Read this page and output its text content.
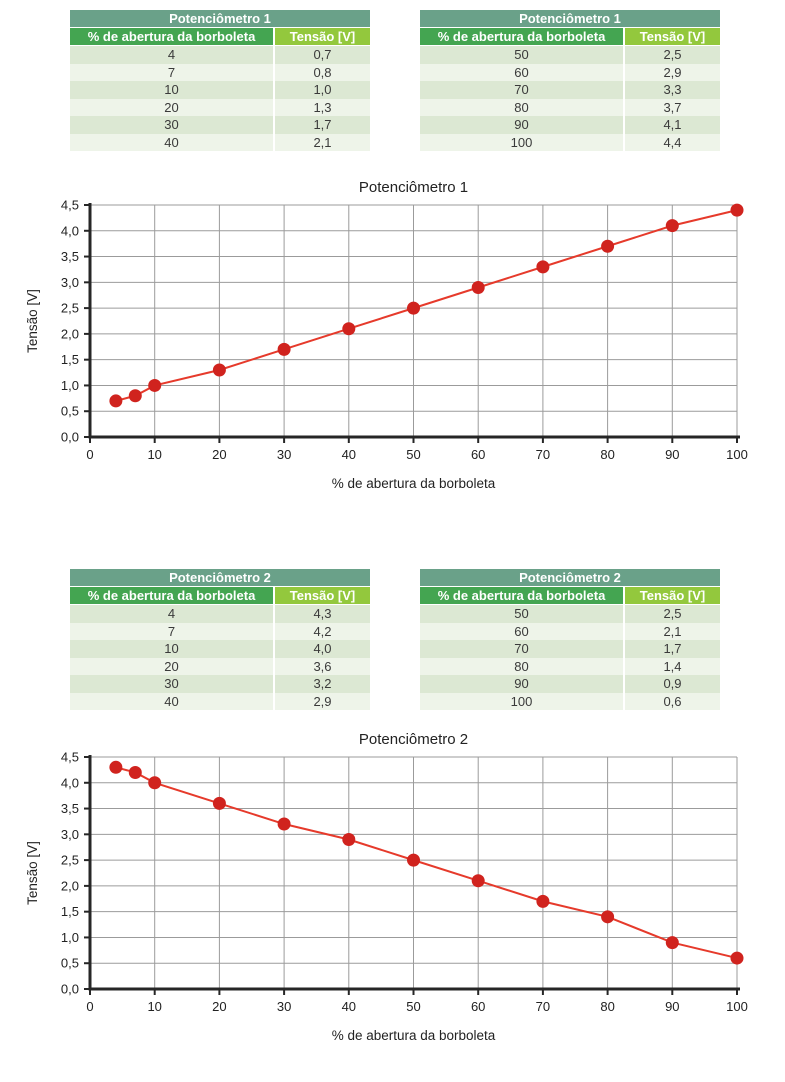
Potenciômetro 1
% de abertura da borboleta	Tensão [V]
4	0,7
7	0,8
10	1,0
20	1,3
30	1,7
40	2,1
Potenciômetro 1
% de abertura da borboleta	Tensão [V]
50	2,5
60	2,9
70	3,3
80	3,7
90	4,1
100	4,4
0,0
0,5
1,0
1,5
2,0
2,5
3,0
3,5
4,0
4,5
0	10	20	30	40	50	60	70	80	90	100
Potenciômetro 1
% de abertura da borboleta
Tensão [V]
Potenciômetro 2
% de abertura da borboleta	Tensão [V]
4	4,3
7	4,2
10	4,0
20	3,6
30	3,2
40	2,9
Potenciômetro 2
% de abertura da borboleta	Tensão [V]
50	2,5
60	2,1
70	1,7
80	1,4
90	0,9
100	0,6
0,0
0,5
1,0
1,5
2,0
2,5
3,0
3,5
4,0
4,5
0	10	20	30	40	50	60	70	80	90	100
Potenciômetro 2
% de abertura da borboleta
Tensão [V]
